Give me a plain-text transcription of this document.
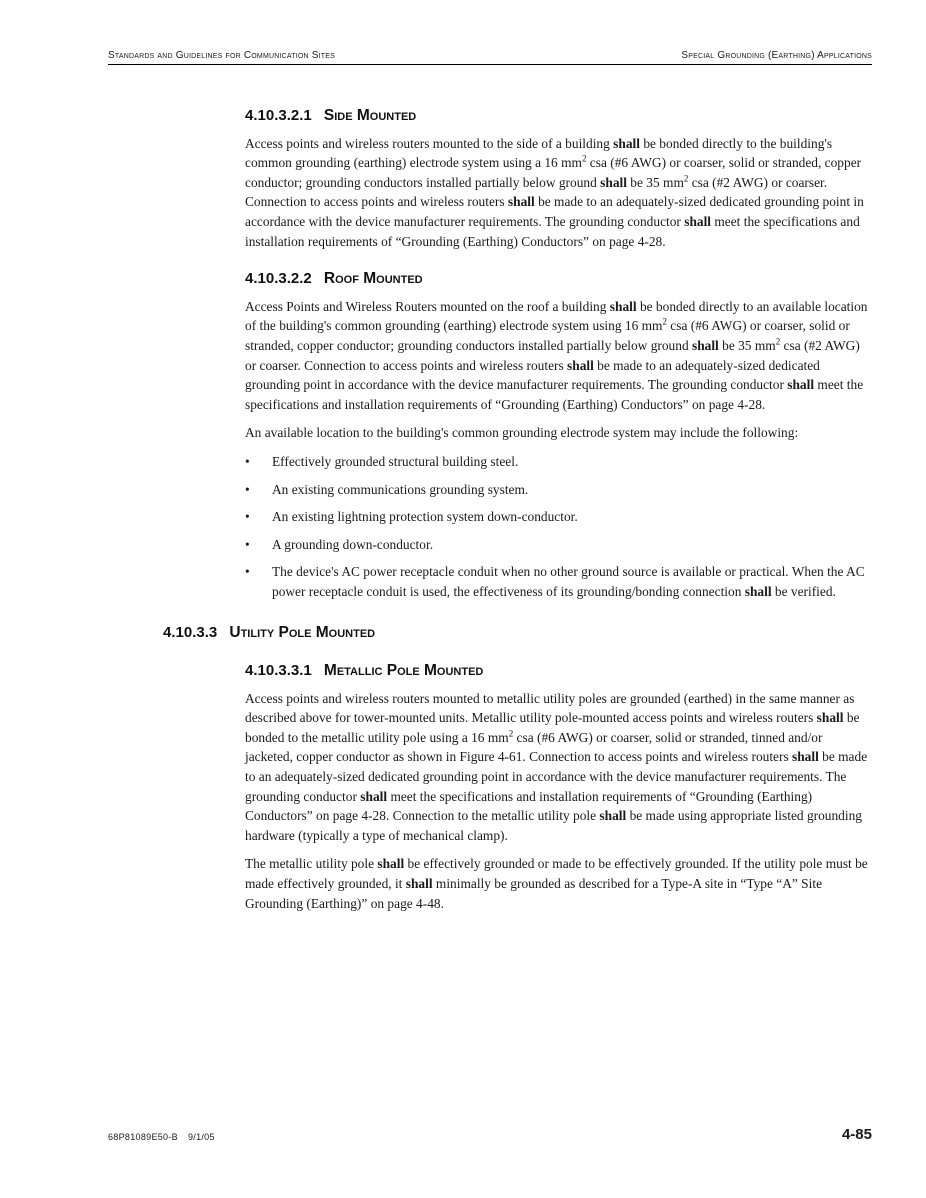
Standards and Guidelines for Communication Sites	Special Grounding (Earthing) Applications
4.10.3.2.1 Side Mounted

Access points and wireless routers mounted to the side of a building shall be bonded directly to the building's common grounding (earthing) electrode system using a 16 $mm^2$ csa (#6 AWG) or coarser, solid or stranded, copper conductor; grounding conductors installed partially below ground shall be 35 $mm^2$ csa (#2 AWG) or coarser. Connection to access points and wireless routers shall be made to an adequately-sized dedicated grounding point in accordance with the device manufacturer requirements. The grounding conductor shall meet the specifications and installation requirements of “Grounding (Earthing) Conductors” on page 4-28.

4.10.3.2.2 Roof Mounted

Access Points and Wireless Routers mounted on the roof a building shall be bonded directly to an available location of the building's common grounding (earthing) electrode system using 16 $mm^2$ csa (#6 AWG) or coarser, solid or stranded, copper conductor; grounding conductors installed partially below ground shall be 35 $mm^2$ csa (#2 AWG) or coarser. Connection to access points and wireless routers shall be made to an adequately-sized dedicated grounding point in accordance with the device manufacturer requirements. The grounding conductor shall meet the specifications and installation requirements of “Grounding (Earthing) Conductors” on page 4-28.

An available location to the building's common grounding electrode system may include the following:

• Effectively grounded structural building steel.
• An existing communications grounding system.
• An existing lightning protection system down-conductor.
• A grounding down-conductor.
• The device's AC power receptacle conduit when no other ground source is available or practical. When the AC power receptacle conduit is used, the effectiveness of its grounding/bonding connection shall be verified.
4.10.3.3 Utility Pole Mounted
4.10.3.3.1 Metallic Pole Mounted

Access points and wireless routers mounted to metallic utility poles are grounded (earthed) in the same manner as described above for tower-mounted units. Metallic utility pole-mounted access points and wireless routers shall be bonded to the metallic utility pole using a 16 $mm^2$ csa (#6 AWG) or coarser, solid or stranded, tinned and/or jacketed, copper conductor as shown in Figure 4-61. Connection to access points and wireless routers shall be made to an adequately-sized dedicated grounding point in accordance with the device manufacturer requirements. The grounding conductor shall meet the specifications and installation requirements of “Grounding (Earthing) Conductors” on page 4-28. Connection to the metallic utility pole shall be made using appropriate listed grounding hardware (typically a type of mechanical clamp).

The metallic utility pole shall be effectively grounded or made to be effectively grounded. If the utility pole must be made effectively grounded, it shall minimally be grounded as described for a Type-A site in “Type “A” Site Grounding (Earthing)” on page 4-48.

68P81089E50-B 9/1/05	4-85
